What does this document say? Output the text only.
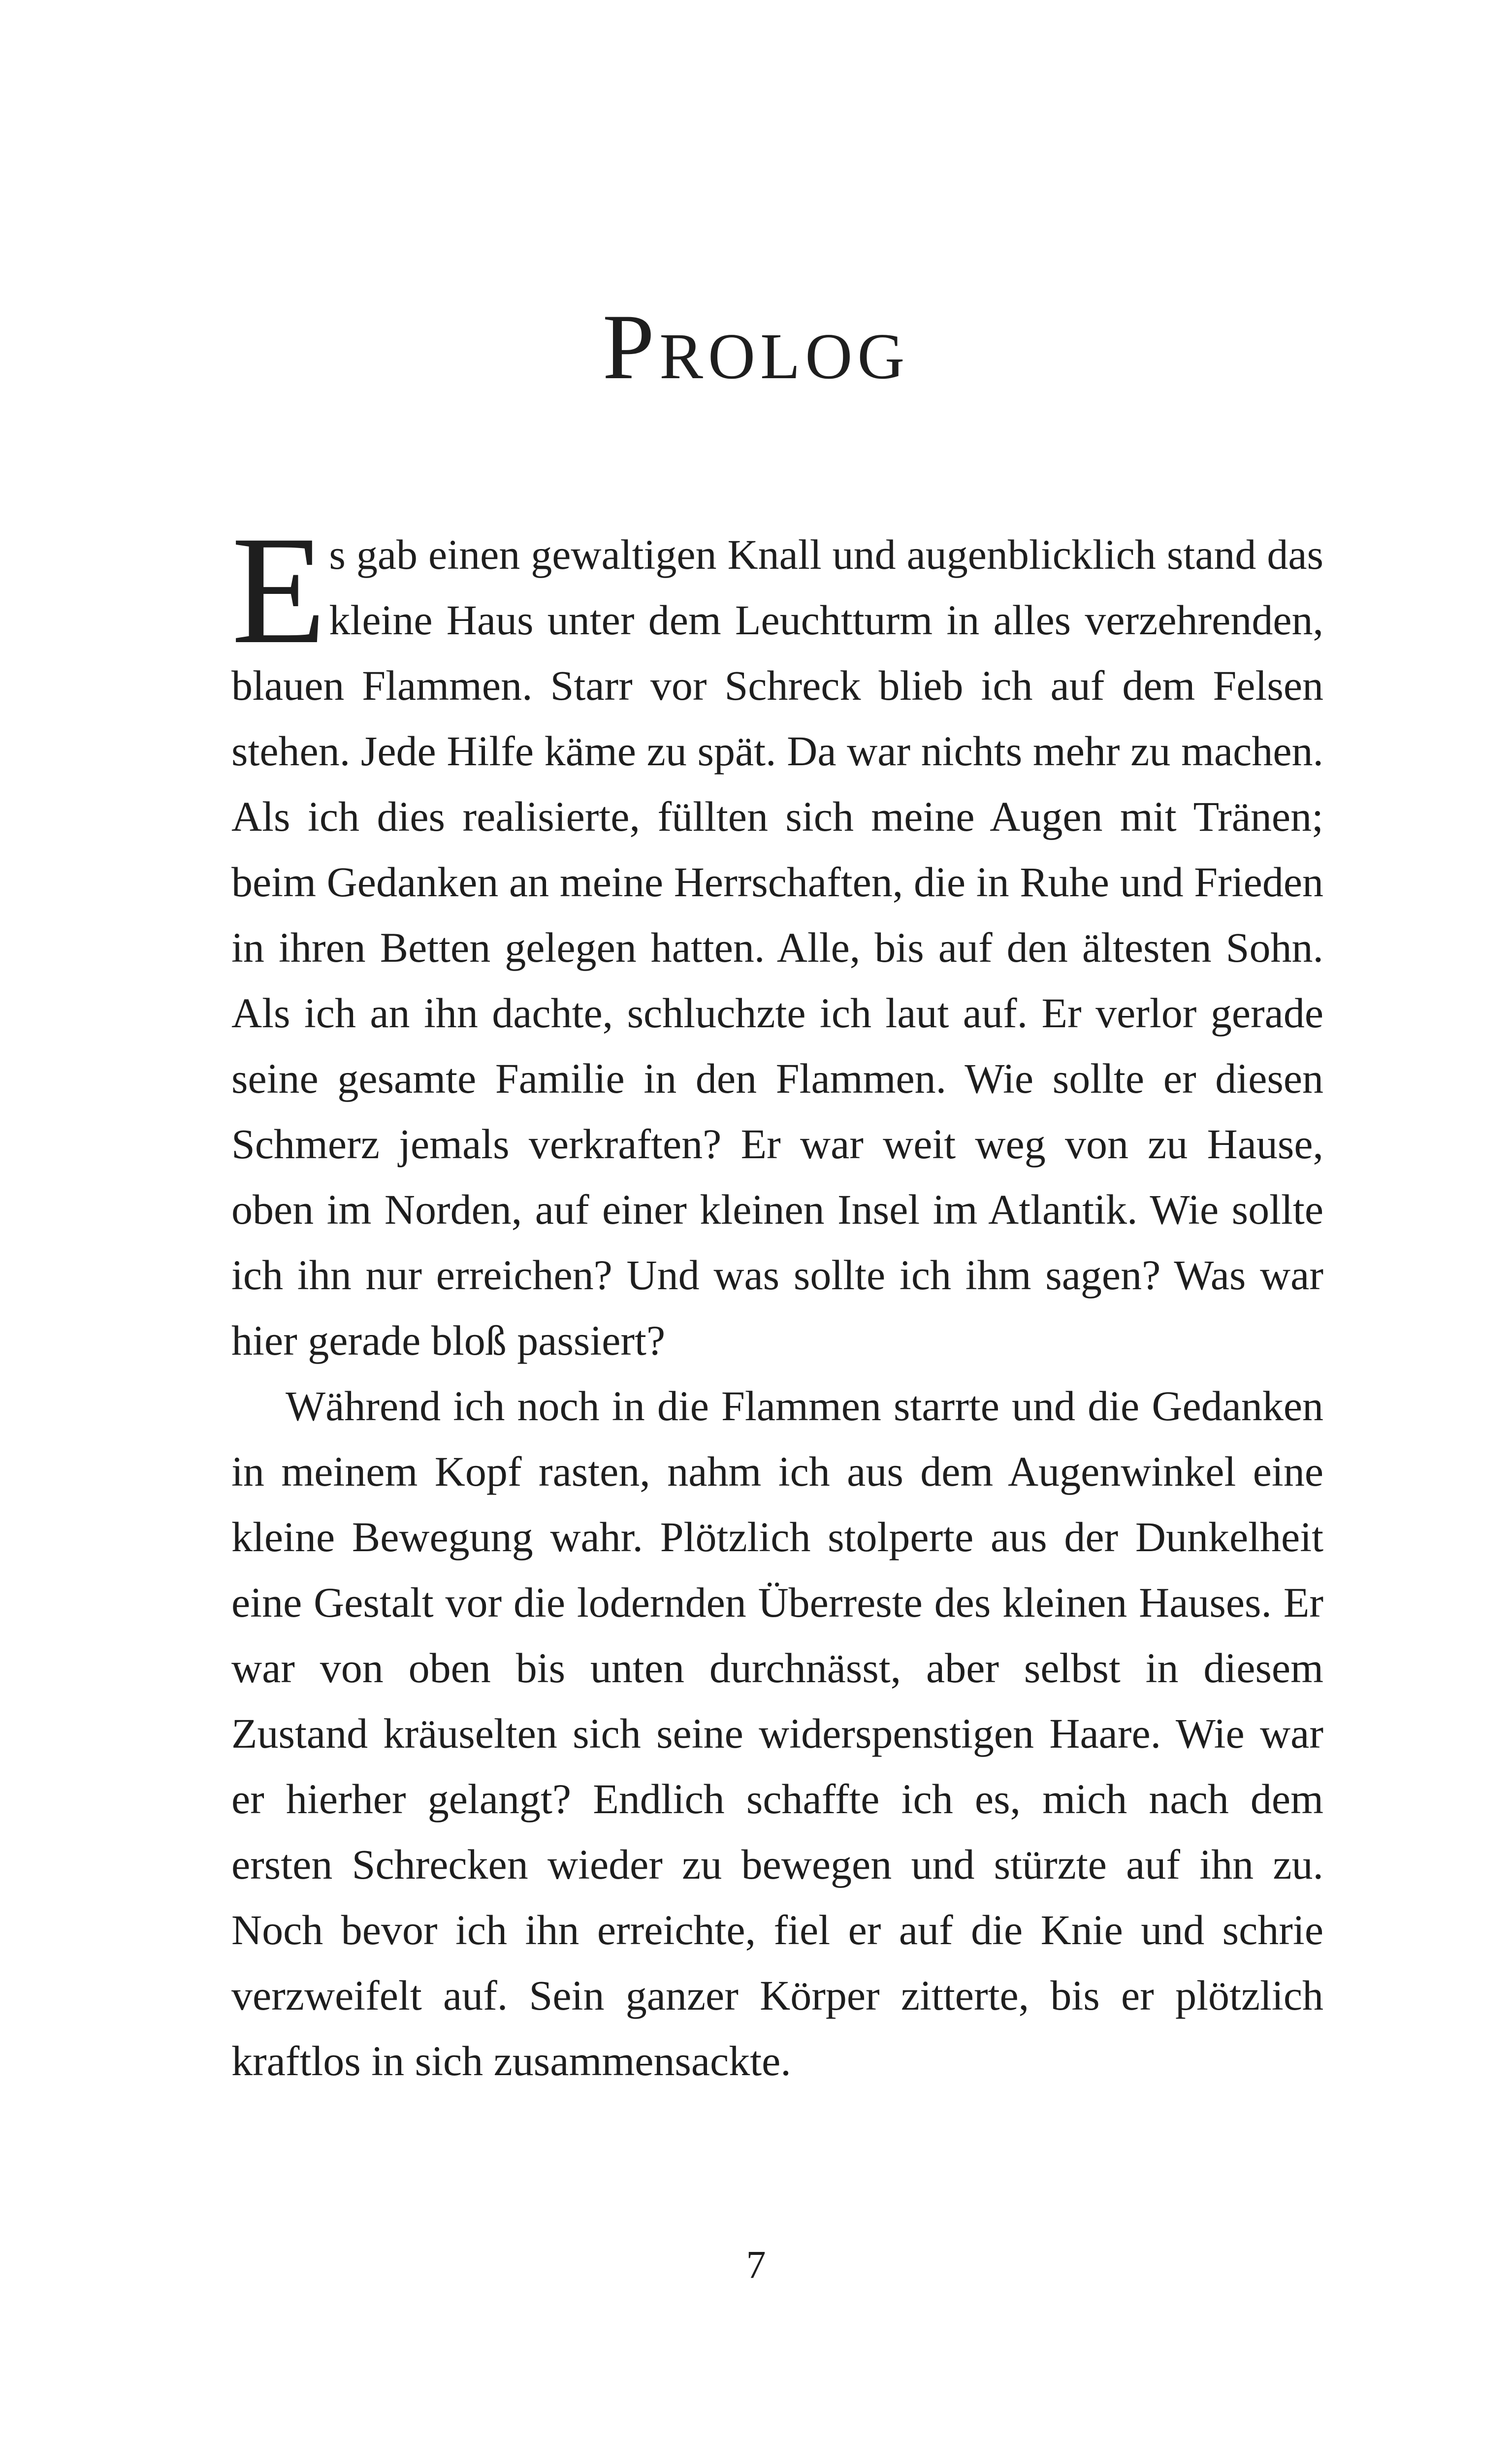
Prolog

Es gab einen gewaltigen Knall und augenblicklich stand das kleine Haus unter dem Leuchtturm in alles verzehrenden, blauen Flammen. Starr vor Schreck blieb ich auf dem Felsen stehen. Jede Hilfe käme zu spät. Da war nichts mehr zu machen. Als ich dies realisierte, füllten sich meine Augen mit Tränen; beim Gedanken an meine Herrschaften, die in Ruhe und Frieden in ihren Betten gelegen hatten. Alle, bis auf den ältesten Sohn. Als ich an ihn dachte, schluchzte ich laut auf. Er verlor gerade seine gesamte Familie in den Flammen. Wie sollte er diesen Schmerz jemals verkraften? Er war weit weg von zu Hause, oben im Norden, auf einer kleinen Insel im Atlantik. Wie sollte ich ihn nur erreichen? Und was sollte ich ihm sagen? Was war hier gerade bloß passiert?

Während ich noch in die Flammen starrte und die Gedanken in meinem Kopf rasten, nahm ich aus dem Augenwinkel eine kleine Bewegung wahr. Plötzlich stolperte aus der Dunkelheit eine Gestalt vor die lodernden Überreste des kleinen Hauses. Er war von oben bis unten durchnässt, aber selbst in diesem Zustand kräuselten sich seine widerspenstigen Haare. Wie war er hierher gelangt? Endlich schaffte ich es, mich nach dem ersten Schrecken wieder zu bewegen und stürzte auf ihn zu. Noch bevor ich ihn erreichte, fiel er auf die Knie und schrie verzweifelt auf. Sein ganzer Körper zitterte, bis er plötzlich kraftlos in sich zusammensackte.

7
